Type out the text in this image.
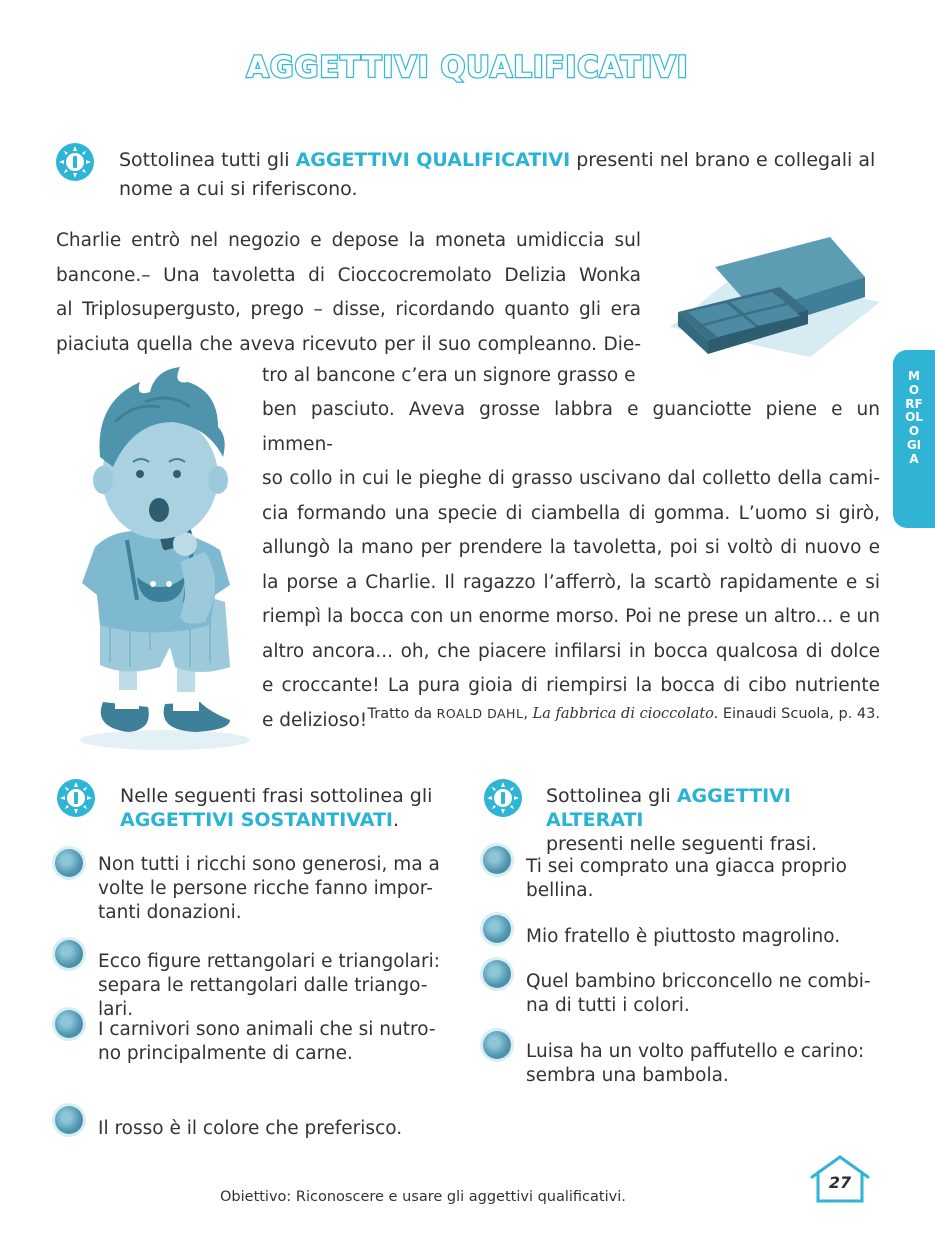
AGGETTIVI QUALIFICATIVI
Sottolinea tutti gli AGGETTIVI QUALIFICATIVI presenti nel brano e collegali al nome a cui si riferiscono.
Charlie entrò nel negozio e depose la moneta umidiccia sul
bancone.– Una tavoletta di Cioccocremolato Delizia Wonka
al Triplosupergusto, prego – disse, ricordando quanto gli era
piaciuta quella che aveva ricevuto per il suo compleanno. Die-
tro al bancone c’era un signore grasso e
ben pasciuto. Aveva grosse labbra e guanciotte piene e un immen-
so collo in cui le pieghe di grasso uscivano dal colletto della cami-
cia formando una specie di ciambella di gomma. L’uomo si girò,
allungò la mano per prendere la tavoletta, poi si voltò di nuovo e
la porse a Charlie. Il ragazzo l’afferrò, la scartò rapidamente e si
riempì la bocca con un enorme morso. Poi ne prese un altro... e un
altro ancora... oh, che piacere infilarsi in bocca qualcosa di dolce
e croccante! La pura gioia di riempirsi la bocca di cibo nutriente
e delizioso! Tratto da ROALD DAHL, La fabbrica di cioccolato. Einaudi Scuola, p. 43.
Nelle seguenti frasi sottolinea gli
AGGETTIVI SOSTANTIVATI.
Non tutti i ricchi sono generosi, ma a
volte le persone ricche fanno impor-
tanti donazioni.
Ecco figure rettangolari e triangolari:
separa le rettangolari dalle triango-
lari.
I carnivori sono animali che si nutro-
no principalmente di carne.
Il rosso è il colore che preferisco.
Sottolinea gli AGGETTIVI ALTERATI
presenti nelle seguenti frasi.
Ti sei comprato una giacca proprio
bellina.
Mio fratello è piuttosto magrolino.
Quel bambino bricconcello ne combi-
na di tutti i colori.
Luisa ha un volto paffutello e carino:
sembra una bambola.
MORFOLOGIA
Obiettivo: Riconoscere e usare gli aggettivi qualificativi.
27
